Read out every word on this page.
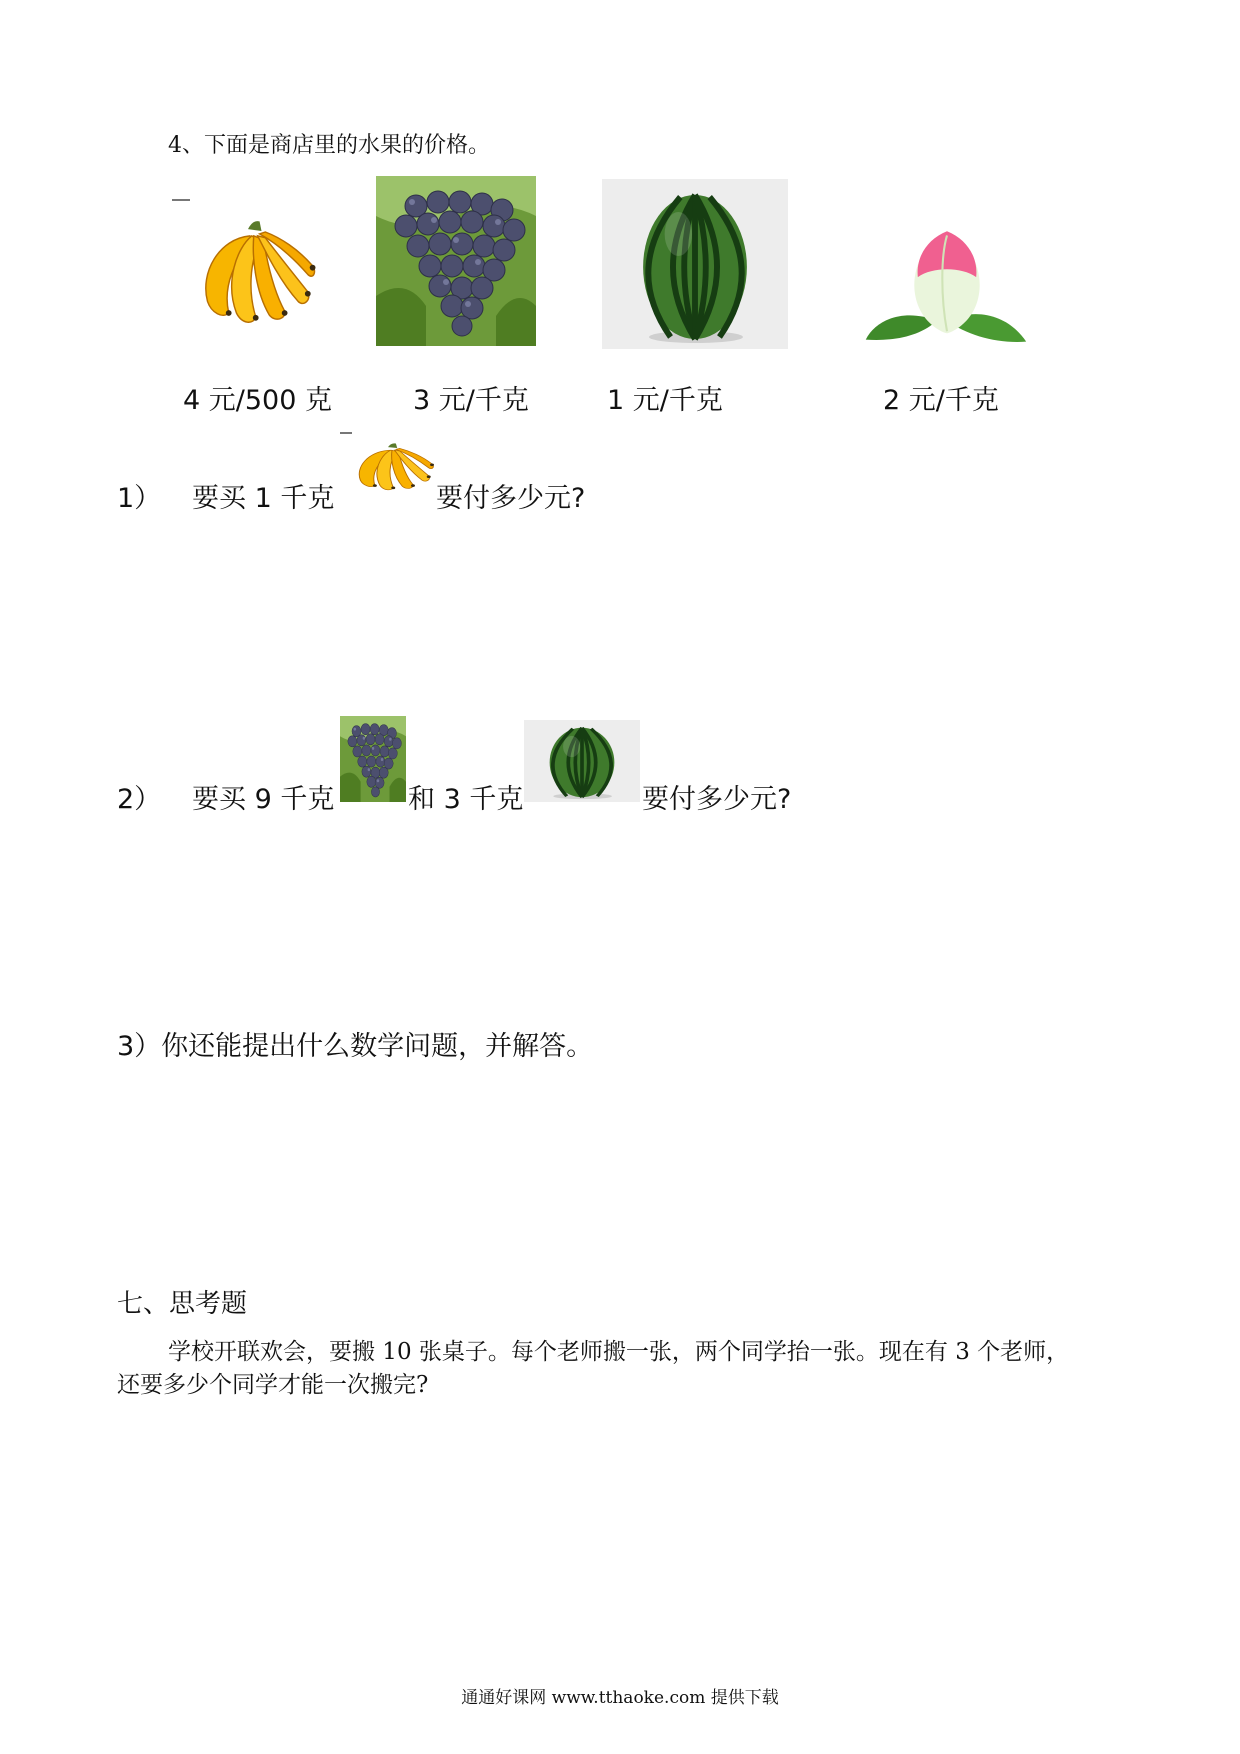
4、下面是商店里的水果的价格。
4 元/500 克	3 元/千克	1 元/千克	2 元/千克
1） 要买 1 千克	要付多少元?
2） 要买 9 千克	和 3 千克	要付多少元?
3）你还能提出什么数学问题，并解答。
七、思考题
学校开联欢会，要搬 10 张桌子。每个老师搬一张，两个同学抬一张。现在有 3 个老师，
还要多少个同学才能一次搬完?
通通好课网 www.tthaoke.com 提供下载
